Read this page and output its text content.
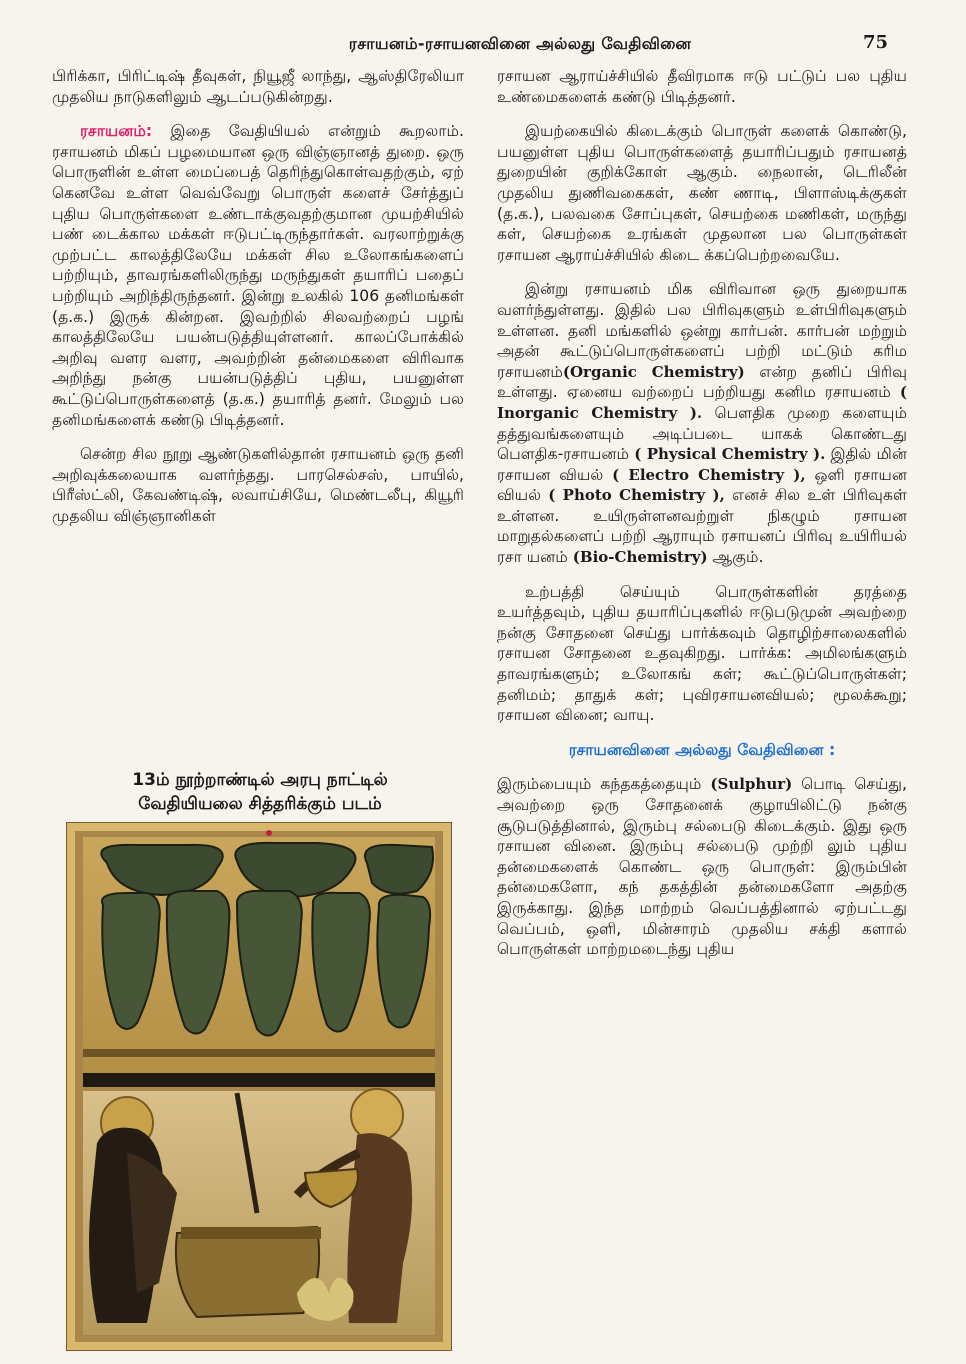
ரசாயனம்-ரசாயனவினை அல்லது வேதிவினை	75

பிரிக்கா, பிரிட்டிஷ் தீவுகள், நியூஜீ லாந்து, ஆஸ்திரேலியா முதலிய நாடுகளிலும் ஆடப்படுகின்றது.

ரசாயனம்: இதை வேதியியல் என்றும் கூறலாம். ரசாயனம் மிகப் பழமையான ஒரு விஞ்ஞானத் துறை. ஒரு பொருளின் உள்ள மைப்பைத் தெரிந்துகொள்வதற்கும், ஏற் கெனவே உள்ள வெவ்வேறு பொருள் களைச் சேர்த்துப் புதிய பொருள்களை உண்டாக்குவதற்குமான முயற்சியில் பண் டைக்கால மக்கள் ஈடுபட்டிருந்தார்கள். வரலாற்றுக்கு முற்பட்ட காலத்திலேயே மக்கள் சில உலோகங்களைப் பற்றியும், தாவரங்களிலிருந்து மருந்துகள் தயாரிப் பதைப் பற்றியும் அறிந்திருந்தனர். இன்று உலகில் 106 தனிமங்கள் (த.க.) இருக் கின்றன. இவற்றில் சிலவற்றைப் பழங் காலத்திலேயே பயன்படுத்தியுள்ளனர். காலப்போக்கில் அறிவு வளர வளர, அவற்றின் தன்மைகளை விரிவாக அறிந்து நன்கு பயன்படுத்திப் புதிய, பயனுள்ள கூட்டுப்பொருள்களைத் (த.க.) தயாரித் தனர். மேலும் பல தனிமங்களைக் கண்டு பிடித்தனர்.

சென்ற சில நூறு ஆண்டுகளில்தான் ரசாயனம் ஒரு தனி அறிவுக்கலையாக வளர்ந்தது. பாரசெல்சஸ், பாயில், பிரீஸ்ட்லி, கேவண்டிஷ், லவாய்சியே, மெண்டலீபு, கியூரி முதலிய விஞ்ஞானிகள்

13ம் நூற்றாண்டில் அரபு நாட்டில்
வேதியியலை சித்தரிக்கும் படம்

ரசாயன ஆராய்ச்சியில் தீவிரமாக ஈடு பட்டுப் பல புதிய உண்மைகளைக் கண்டு பிடித்தனர்.

இயற்கையில் கிடைக்கும் பொருள் களைக் கொண்டு, பயனுள்ள புதிய பொருள்களைத் தயாரிப்பதும் ரசாயனத் துறையின் குறிக்கோள் ஆகும். நைலான், டெரிலீன் முதலிய துணிவகைகள், கண் ணாடி, பிளாஸ்டிக்குகள் (த.க.), பலவகை சோப்புகள், செயற்கை மணிகள், மருந்து கள், செயற்கை உரங்கள் முதலான பல பொருள்கள் ரசாயன ஆராய்ச்சியில் கிடை க்கப்பெற்றவையே.

இன்று ரசாயனம் மிக விரிவான ஒரு துறையாக வளர்ந்துள்ளது. இதில் பல பிரிவுகளும் உள்பிரிவுகளும் உள்ளன. தனி மங்களில் ஒன்று கார்பன். கார்பன் மற்றும் அதன் கூட்டுப்பொருள்களைப் பற்றி மட்டும் கரிம ரசாயனம்(Organic Chemistry) என்ற தனிப் பிரிவு உள்ளது. ஏனைய வற்றைப் பற்றியது கனிம ரசாயனம் ( Inorganic Chemistry ). பௌதிக முறை களையும் தத்துவங்களையும் அடிப்படை யாகக் கொண்டது பௌதிக-ரசாயனம் ( Physical Chemistry ). இதில் மின் ரசாயன வியல் ( Electro Chemistry ), ஒளி ரசாயன வியல் ( Photo Chemistry ), எனச் சில உள் பிரிவுகள் உள்ளன. உயிருள்ளனவற்றுள் நிகழும் ரசாயன மாறுதல்களைப் பற்றி ஆராயும் ரசாயனப் பிரிவு உயிரியல் ரசா யனம் (Bio-Chemistry) ஆகும்.

உற்பத்தி செய்யும் பொருள்களின் தரத்தை உயர்த்தவும், புதிய தயாரிப்புகளில் ஈடுபடுமுன் அவற்றை நன்கு சோதனை செய்து பார்க்கவும் தொழிற்சாலைகளில் ரசாயன சோதனை உதவுகிறது. பார்க்க: அமிலங்களும் தாவரங்களும்; உலோகங் கள்; கூட்டுப்பொருள்கள்; தனிமம்; தாதுக் கள்; புவிரசாயனவியல்; மூலக்கூறு; ரசாயன வினை; வாயு.

ரசாயனவினை அல்லது வேதிவினை :

இரும்பையும் கந்தகத்தையும் (Sulphur) பொடி செய்து, அவற்றை ஒரு சோதனைக் குழாயிலிட்டு நன்கு சூடுபடுத்தினால், இரும்பு சல்பைடு கிடைக்கும். இது ஒரு ரசாயன வினை. இரும்பு சல்பைடு முற்றி லும் புதிய தன்மைகளைக் கொண்ட ஒரு பொருள்: இரும்பின் தன்மைகளோ, கந் தகத்தின் தன்மைகளோ அதற்கு இருக்காது. இந்த மாற்றம் வெப்பத்தினால் ஏற்பட்டது வெப்பம், ஒளி, மின்சாரம் முதலிய சக்தி களால் பொருள்கள் மாற்றமடைந்து புதிய
